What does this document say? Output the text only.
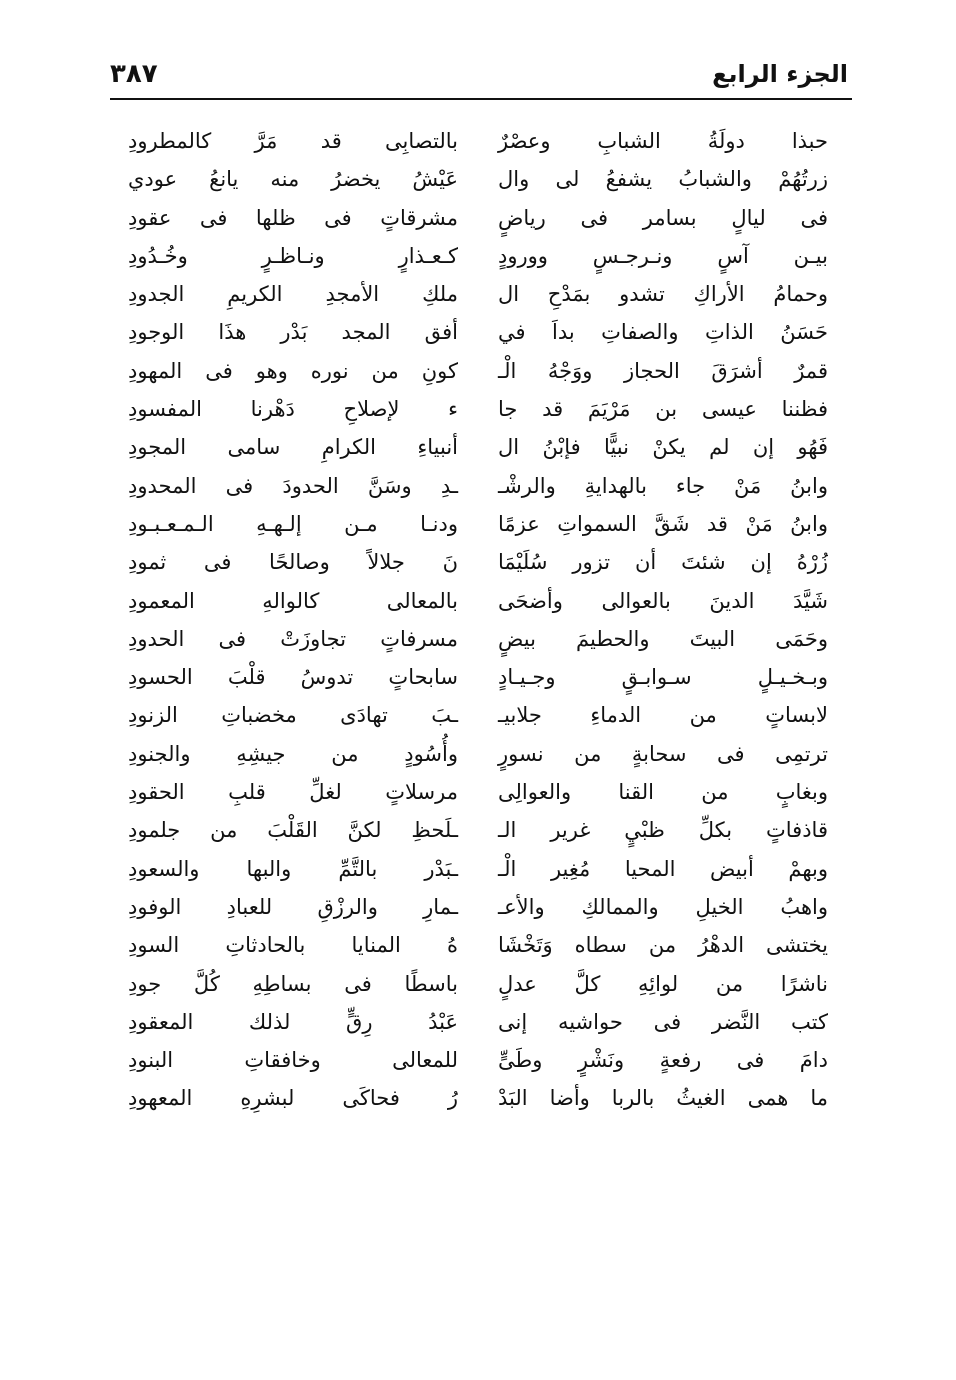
الجزء الرابع
٣٨٧
حبذا دولَةُ الشبابِ وعصْرٌ
بالتصابِى قد مَرَّ كالمطرودِ
زرتُهُمْ والشبابُ يشفعُ لى وال
عَيْشُ يخضرُ منه يانعُ عودي
فى ليالٍ بسامر فى رياضٍ
مشرقاتٍ فى ظلها فى عقودِ
بيـن آسٍ ونـرجـسٍ وورودٍ
كـعـذارٍ ونـاظـرٍ وخُـدُودِ
وحمامُ الأراكِ تشدو بمَدْحِ ال
ملكِ الأمجدِ الكريمِ الجدودِ
حَسَنُ الذاتِ والصفاتِ بداَ في
أفق المجد بَدْر هذَا الوجودِ
قمرٌ أشرَقَ الحجاز ووَجْهُ الْـ
كونِ من نوره وهو فى المهودِ
فظننا عيسى بن مَرْيَمَ قد جا
ء لإصلاحِ دَهْرنا المفسودِ
فَهُو إن لم يكنْ نبيًّا فإبْنُ ال
أنبياءِ الكرامِ سامى المجودِ
وابنُ مَنْ جاء بالهدايةِ والرشْـ
ـدِ وسَنَّ الحدودَ فى المحدودِ
وابنُ مَنْ قد شَقَّ السمواتِ عزمًا
ودنـا مـن إلـهـهِ الـمـعـبـودِ
زُرْهُ إن شئتَ أن تزور سُلَيْمَا
نَ جلالاً وصالحًا فى ثمودِ
شَيَّدَ الدينَ بالعوالى وأضحَى
بالمعالى كالوالهِ المعمودِ
وحَمَى البيتَ والحطيمَ بيضٍ
مسرفاتٍ تجاوزَتْ فى الحدودِ
وبـخـيـلٍ سـوابـقٍ وجـيـادٍ
سابحاتٍ تدوسُ قلْبَ الحسودِ
لابساتٍ من الدماءِ جلابيـ
ـبَ تهادَى مخضباتِ الزنودِ
ترتمِى فى سحابةٍ من نسورٍ
وأُسُودٍ من جيشِهِ والجنودِ
وبغابٍ من القنا والعوالِى
مرسلاتٍ لغلِّ قلبِ الحقودِ
قاذفاتٍ بكلِّ ظبْيٍ غرير الـ
ـلَحظِ لكنَّ القَلْبَ من جلمودِ
وبهمْ أبيض المحيا مُغِير الْـ
ـبَدْر بالتَّمِّ والبها والسعودِ
واهبُ الخيلِ والممالكِ والأعـ
ـمارِ والرزْقِ للعبادِ الوفودِ
يختشى الدهْرُ من سطاه وَتَخْشَا
هُ المنايا بالحادثاتِ السودِ
ناشرًا من لوائِهِ كلَّ عدلٍ
باسطًا فى بساطِهِ كُلَّ جودِ
كتب النَّضر فى حواشيه إنى
عَبْدُ رِقٍّ لذلك المعقودِ
دامَ فى رفعةٍ ونَشْرٍ وطَىٍّ
للمعالى وخافقاتِ البنودِ
ما همى الغيثُ بالربا وأضا البَدْ
رُ فحاكَى لبشرِهِ المعهودِ
